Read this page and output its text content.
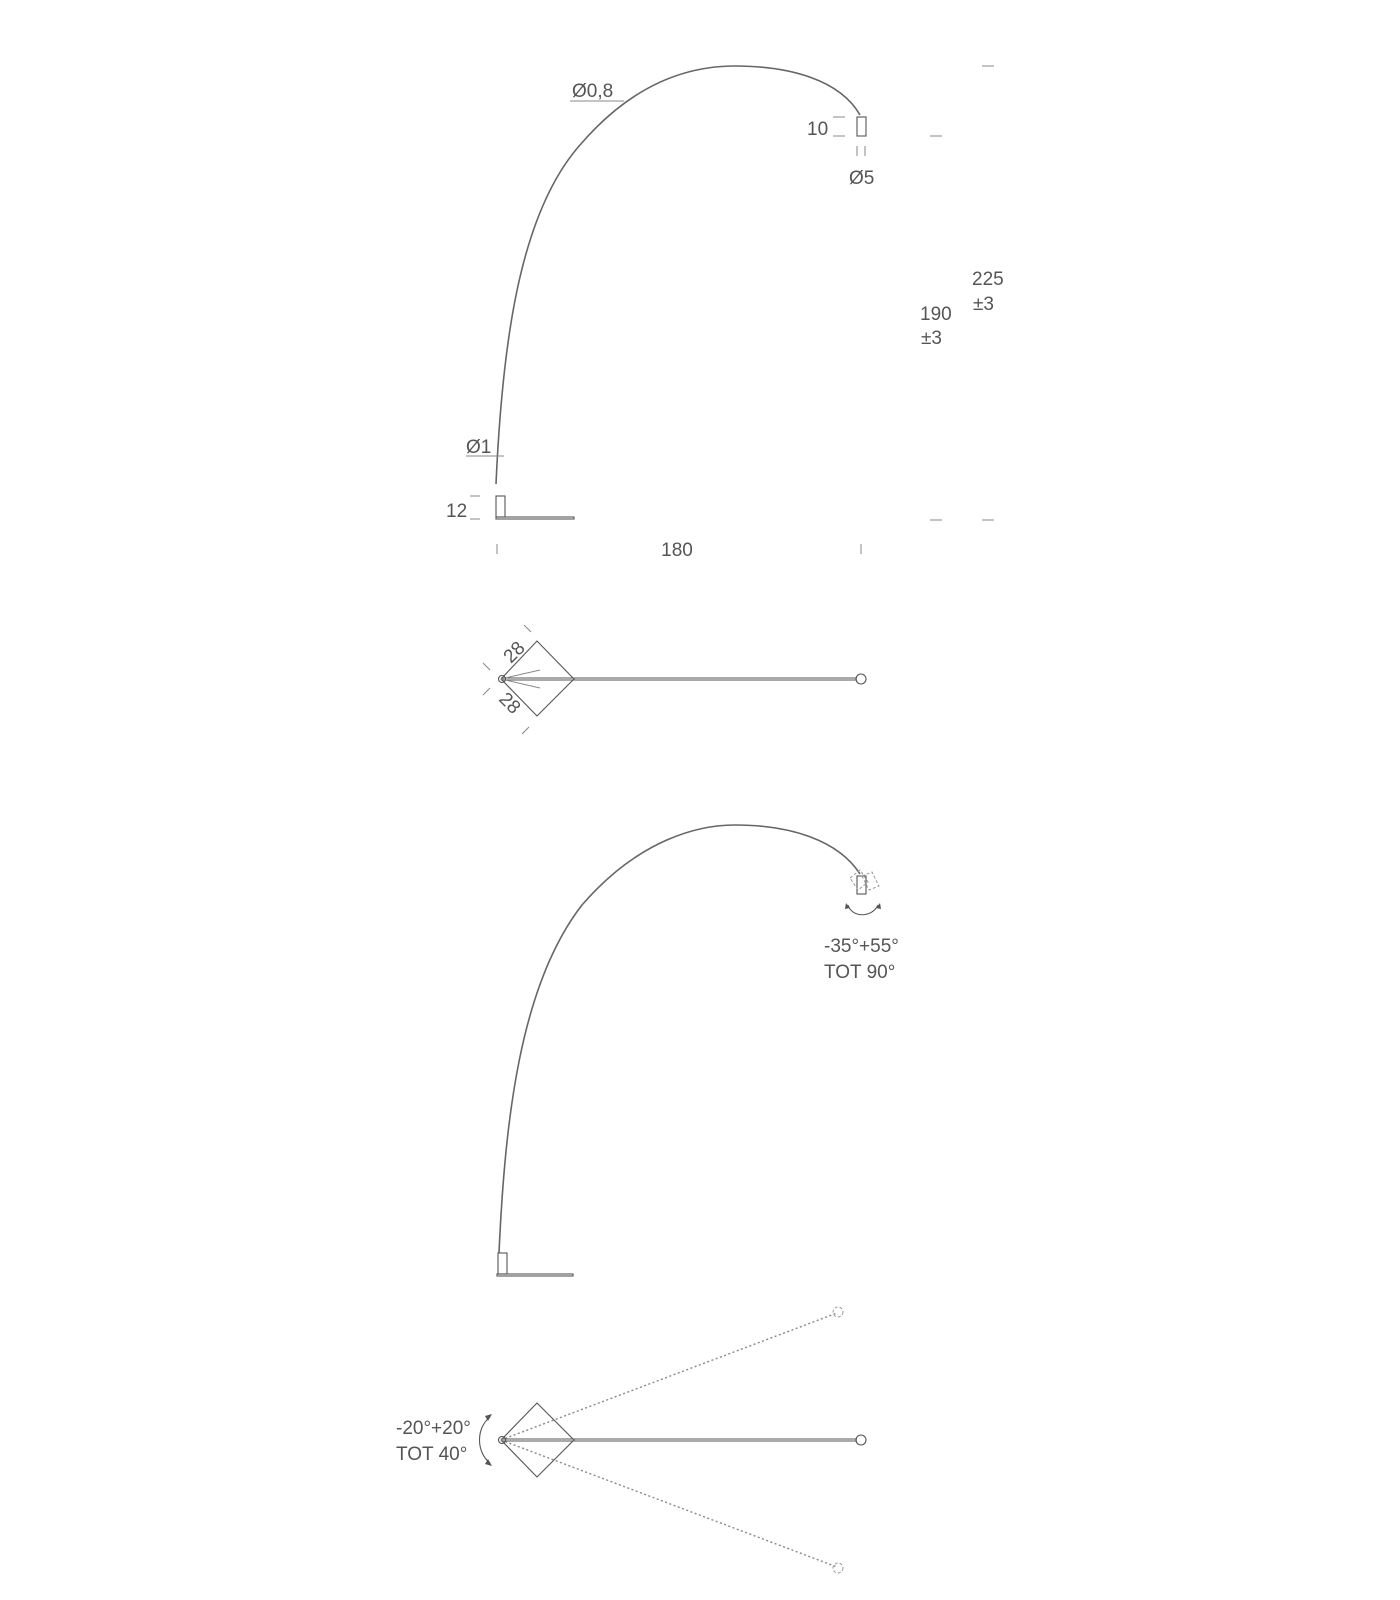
Ø0,8
10
Ø5
Ø1
12
180
225
±3
190
±3
28
28
-35°+55°
TOT 90°
-20°+20°
TOT 40°
